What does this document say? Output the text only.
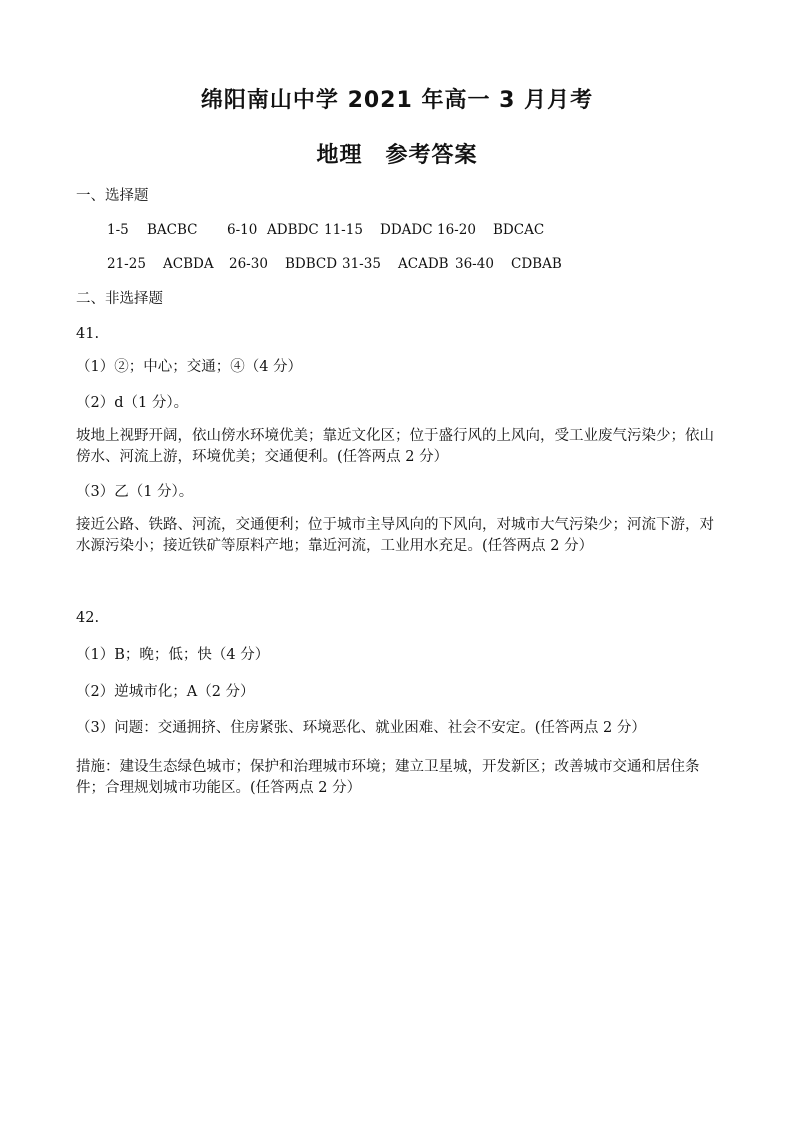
绵阳南山中学 2021 年高一 3 月月考
地理　参考答案
一、选择题
1-5 BACBC 6-10 ADBDC 11-15 DDADC 16-20 BDCAC
21-25 ACBDA 26-30 BDBCD 31-35 ACADB 36-40 CDBAB
二、非选择题
41.
（1）②；中心；交通；④（4 分）
（2）d（1 分）。
坡地上视野开阔，依山傍水环境优美；靠近文化区；位于盛行风的上风向，受工业废气污染少；依山傍水、河流上游，环境优美；交通便利。(任答两点 2 分）
（3）乙（1 分）。
接近公路、铁路、河流，交通便利；位于城市主导风向的下风向，对城市大气污染少；河流下游，对水源污染小；接近铁矿等原料产地；靠近河流，工业用水充足。(任答两点 2 分）
42.
（1）B；晚；低；快（4 分）
（2）逆城市化；A（2 分）
（3）问题：交通拥挤、住房紧张、环境恶化、就业困难、社会不安定。(任答两点 2 分）
措施：建设生态绿色城市；保护和治理城市环境；建立卫星城，开发新区；改善城市交通和居住条件；合理规划城市功能区。(任答两点 2 分）
